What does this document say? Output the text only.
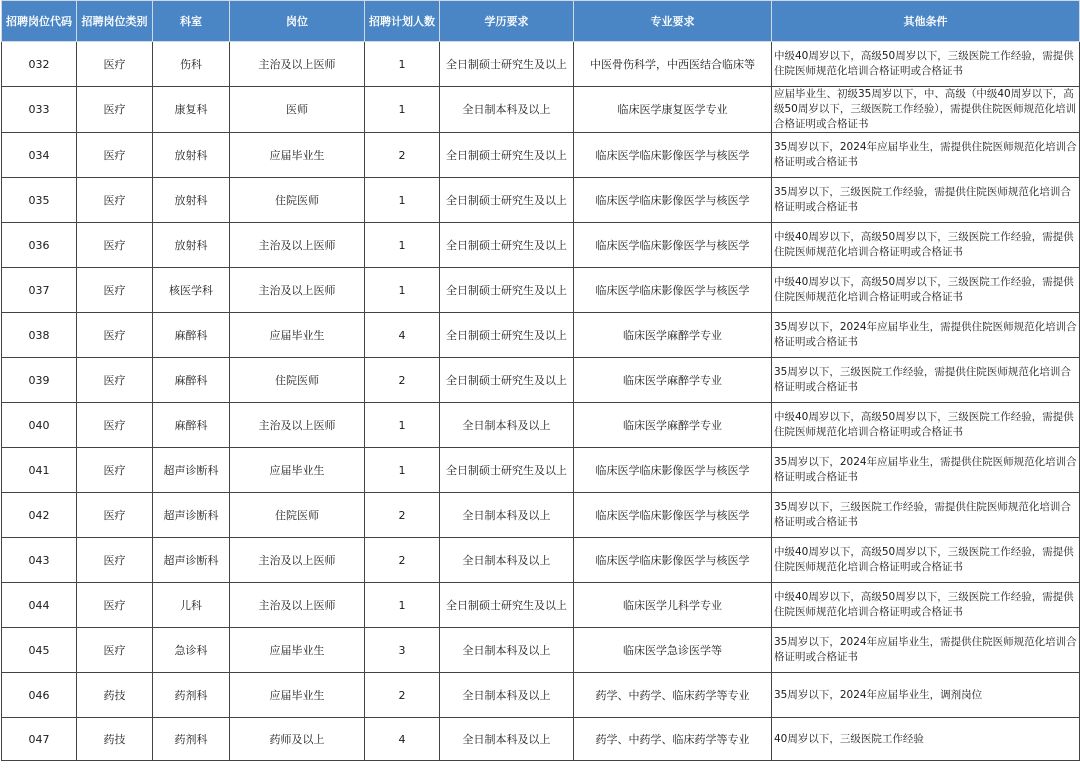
招聘岗位代码	招聘岗位类别	科室	岗位	招聘计划人数	学历要求	专业要求	其他条件
032	医疗	伤科	主治及以上医师	1	全日制硕士研究生及以上	中医骨伤科学，中西医结合临床等	中级40周岁以下，高级50周岁以下，三级医院工作经验，需提供住院医师规范化培训合格证明或合格证书
033	医疗	康复科	医师	1	全日制本科及以上	临床医学康复医学专业	应届毕业生、初级35周岁以下，中、高级（中级40周岁以下，高级50周岁以下，三级医院工作经验），需提供住院医师规范化培训合格证明或合格证书
034	医疗	放射科	应届毕业生	2	全日制硕士研究生及以上	临床医学临床影像医学与核医学	35周岁以下，2024年应届毕业生，需提供住院医师规范化培训合格证明或合格证书
035	医疗	放射科	住院医师	1	全日制硕士研究生及以上	临床医学临床影像医学与核医学	35周岁以下，三级医院工作经验，需提供住院医师规范化培训合格证明或合格证书
036	医疗	放射科	主治及以上医师	1	全日制硕士研究生及以上	临床医学临床影像医学与核医学	中级40周岁以下，高级50周岁以下，三级医院工作经验，需提供住院医师规范化培训合格证明或合格证书
037	医疗	核医学科	主治及以上医师	1	全日制硕士研究生及以上	临床医学临床影像医学与核医学	中级40周岁以下，高级50周岁以下，三级医院工作经验，需提供住院医师规范化培训合格证明或合格证书
038	医疗	麻醉科	应届毕业生	4	全日制硕士研究生及以上	临床医学麻醉学专业	35周岁以下，2024年应届毕业生，需提供住院医师规范化培训合格证明或合格证书
039	医疗	麻醉科	住院医师	2	全日制硕士研究生及以上	临床医学麻醉学专业	35周岁以下，三级医院工作经验，需提供住院医师规范化培训合格证明或合格证书
040	医疗	麻醉科	主治及以上医师	1	全日制本科及以上	临床医学麻醉学专业	中级40周岁以下，高级50周岁以下，三级医院工作经验，需提供住院医师规范化培训合格证明或合格证书
041	医疗	超声诊断科	应届毕业生	1	全日制硕士研究生及以上	临床医学临床影像医学与核医学	35周岁以下，2024年应届毕业生，需提供住院医师规范化培训合格证明或合格证书
042	医疗	超声诊断科	住院医师	2	全日制本科及以上	临床医学临床影像医学与核医学	35周岁以下，三级医院工作经验，需提供住院医师规范化培训合格证明或合格证书
043	医疗	超声诊断科	主治及以上医师	2	全日制本科及以上	临床医学临床影像医学与核医学	中级40周岁以下，高级50周岁以下，三级医院工作经验，需提供住院医师规范化培训合格证明或合格证书
044	医疗	儿科	主治及以上医师	1	全日制硕士研究生及以上	临床医学儿科学专业	中级40周岁以下，高级50周岁以下，三级医院工作经验，需提供住院医师规范化培训合格证明或合格证书
045	医疗	急诊科	应届毕业生	3	全日制本科及以上	临床医学急诊医学等	35周岁以下，2024年应届毕业生，需提供住院医师规范化培训合格证明或合格证书
046	药技	药剂科	应届毕业生	2	全日制本科及以上	药学、中药学、临床药学等专业	35周岁以下，2024年应届毕业生，调剂岗位
047	药技	药剂科	药师及以上	4	全日制本科及以上	药学、中药学、临床药学等专业	40周岁以下，三级医院工作经验
